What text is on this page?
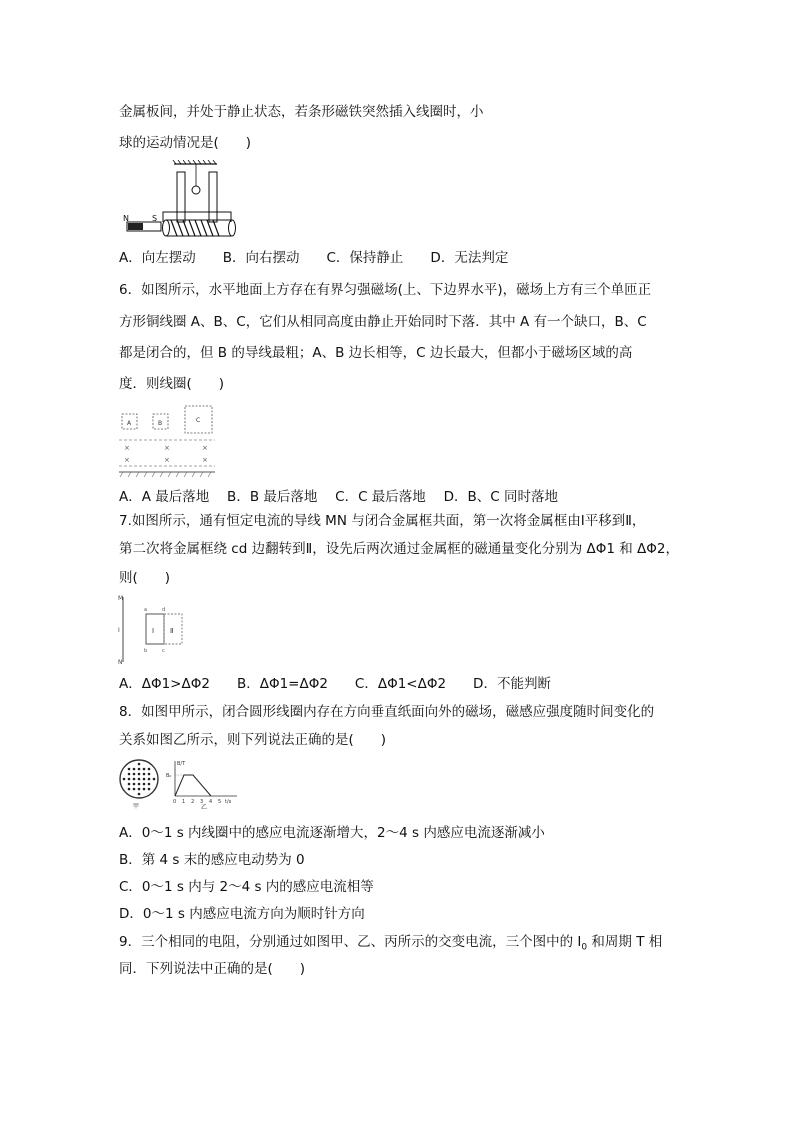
金属板间，并处于静止状态，若条形磁铁突然插入线圈时，小
球的运动情况是(　　)
N	S
A．向左摆动　　B．向右摆动　　C．保持静止　　D．无法判定
6．如图所示，水平地面上方存在有界匀强磁场(上、下边界水平)，磁场上方有三个单匝正
方形铜线圈 A、B、C，它们从相同高度由静止开始同时下落．其中 A 有一个缺口，B、C
都是闭合的，但 B 的导线最粗；A、B 边长相等，C 边长最大，但都小于磁场区域的高
度．则线圈(　　)
A	B	C
×	×	×
×	×	×
A．A 最后落地　 B．B 最后落地　 C．C 最后落地　 D．B、C 同时落地
7.如图所示，通有恒定电流的导线 MN 与闭合金属框共面，第一次将金属框由Ⅰ平移到Ⅱ，
第二次将金属框绕 cd 边翻转到Ⅱ，设先后两次通过金属框的磁通量变化分别为 ΔΦ1 和 ΔΦ2，
则(　　)
M
N
I	Ⅰ Ⅱ
a	d
b	c
A．ΔΦ1>ΔΦ2　　B．ΔΦ1=ΔΦ2　　C．ΔΦ1<ΔΦ2　　D．不能判断
8．如图甲所示，闭合圆形线圈内存在方向垂直纸面向外的磁场，磁感应强度随时间变化的
关系如图乙所示，则下列说法正确的是(　　)
甲
B/T
B₀
0 1 2 3 4 5 t/s
乙
A．0～1 s 内线圈中的感应电流逐渐增大，2～4 s 内感应电流逐渐减小
B．第 4 s 末的感应电动势为 0
C．0～1 s 内与 2～4 s 内的感应电流相等
D．0～1 s 内感应电流方向为顺时针方向
9．三个相同的电阻，分别通过如图甲、乙、丙所示的交变电流，三个图中的 $I_0$ 和周期 T 相
同．下列说法中正确的是(　　)
